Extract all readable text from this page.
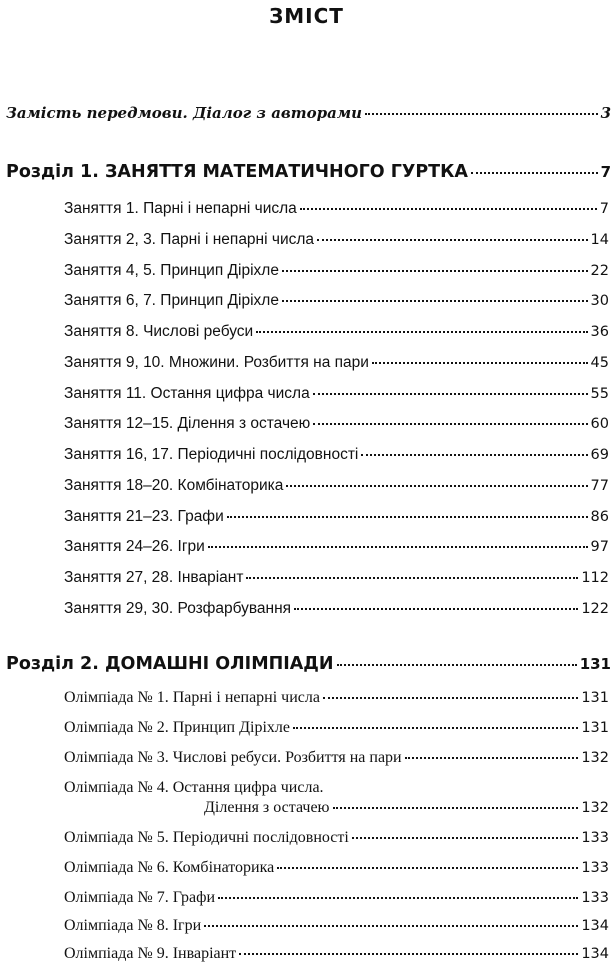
ЗМІСТ
Замість передмови. Діалог з авторами	3
Розділ 1. ЗАНЯТТЯ МАТЕМАТИЧНОГО ГУРТКА	7
Заняття 1. Парні і непарні числа	7
Заняття 2, 3. Парні і непарні числа	14
Заняття 4, 5. Принцип Діріхле	22
Заняття 6, 7. Принцип Діріхле	30
Заняття 8. Числові ребуси	36
Заняття 9, 10. Множини. Розбиття на пари	45
Заняття 11. Остання цифра числа	55
Заняття 12–15. Ділення з остачею	60
Заняття 16, 17. Періодичні послідовності	69
Заняття 18–20. Комбінаторика	77
Заняття 21–23. Графи	86
Заняття 24–26. Ігри	97
Заняття 27, 28. Інваріант	112
Заняття 29, 30. Розфарбування	122
Розділ 2. ДОМАШНІ ОЛІМПІАДИ	131
Олімпіада № 1. Парні і непарні числа	131
Олімпіада № 2. Принцип Діріхле	131
Олімпіада № 3. Числові ребуси. Розбиття на пари	132
Олімпіада № 4. Остання цифра числа.
Ділення з остачею	132
Олімпіада № 5. Періодичні послідовності	133
Олімпіада № 6. Комбінаторика	133
Олімпіада № 7. Графи	133
Олімпіада № 8. Ігри	134
Олімпіада № 9. Інваріант	134
